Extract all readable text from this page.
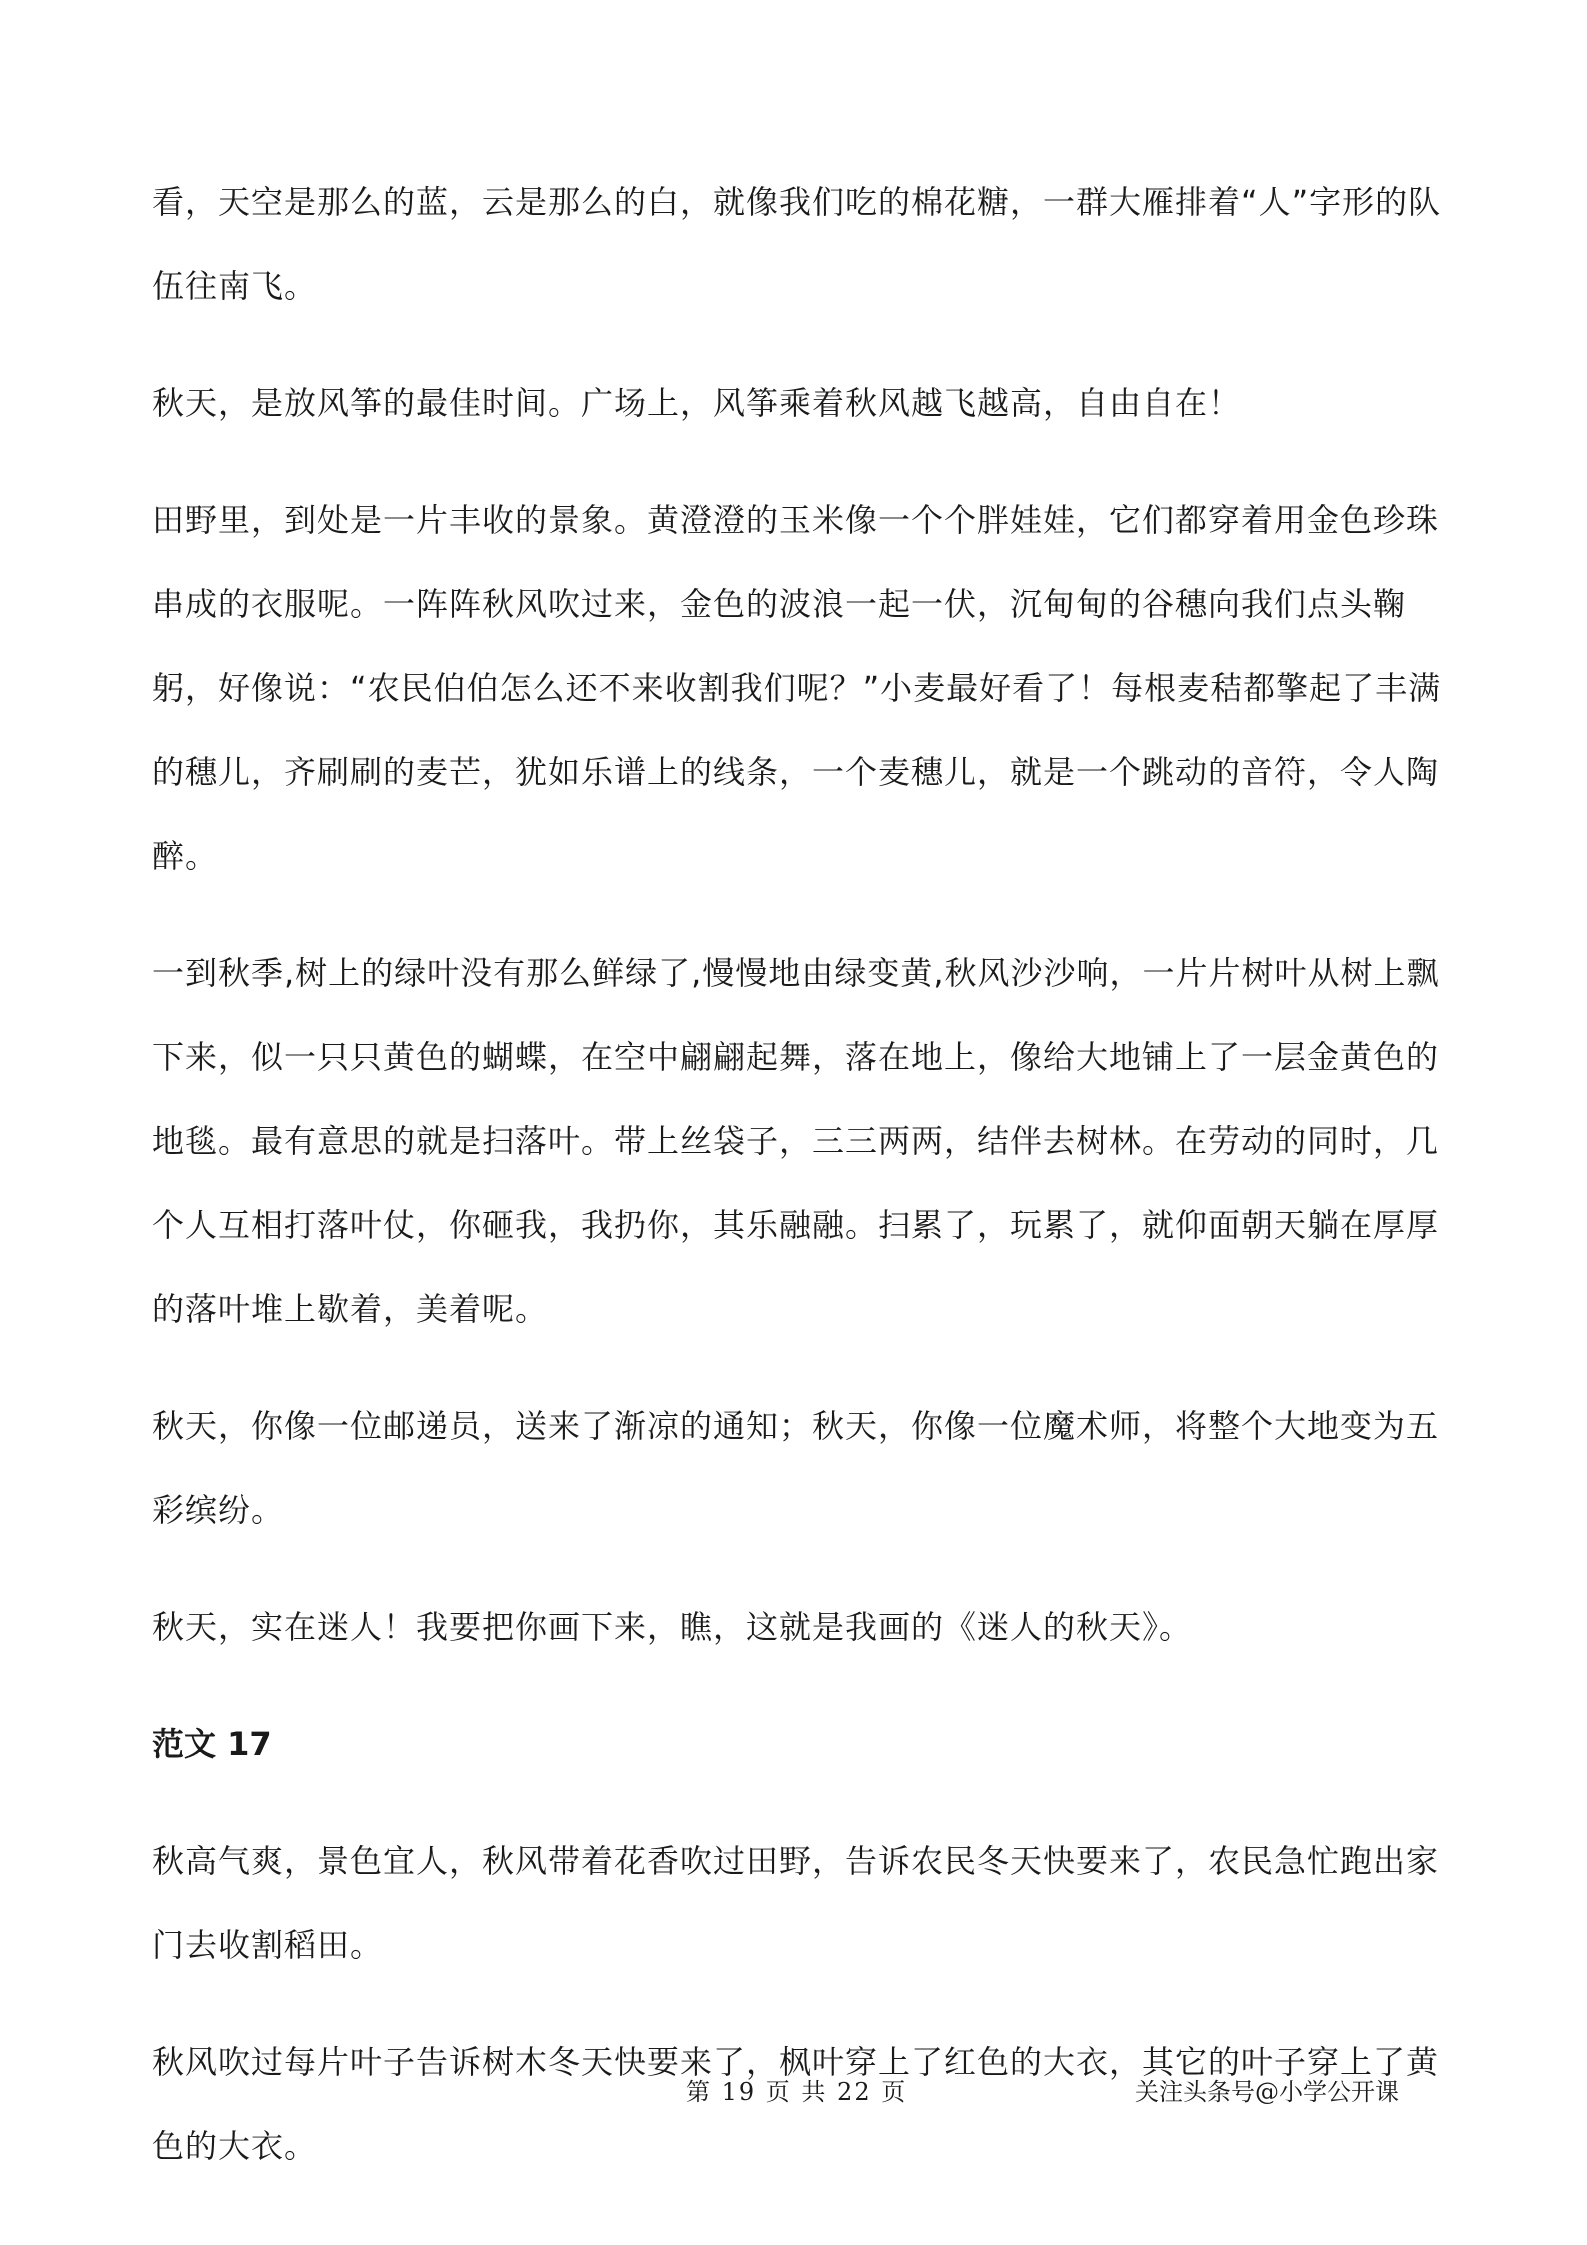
看，天空是那么的蓝，云是那么的白，就像我们吃的棉花糖，一群大雁排着“人”字形的队伍往南飞。

秋天，是放风筝的最佳时间。广场上，风筝乘着秋风越飞越高，自由自在！

田野里，到处是一片丰收的景象。黄澄澄的玉米像一个个胖娃娃，它们都穿着用金色珍珠串成的衣服呢。一阵阵秋风吹过来，金色的波浪一起一伏，沉甸甸的谷穗向我们点头鞠躬，好像说：“农民伯伯怎么还不来收割我们呢？”小麦最好看了！每根麦秸都擎起了丰满的穗儿，齐刷刷的麦芒，犹如乐谱上的线条，一个麦穗儿，就是一个跳动的音符，令人陶醉。

一到秋季,树上的绿叶没有那么鲜绿了,慢慢地由绿变黄,秋风沙沙响，一片片树叶从树上飘下来，似一只只黄色的蝴蝶，在空中翩翩起舞，落在地上，像给大地铺上了一层金黄色的地毯。最有意思的就是扫落叶。带上丝袋子，三三两两，结伴去树林。在劳动的同时，几个人互相打落叶仗，你砸我，我扔你，其乐融融。扫累了，玩累了，就仰面朝天躺在厚厚的落叶堆上歇着，美着呢。

秋天，你像一位邮递员，送来了渐凉的通知；秋天，你像一位魔术师，将整个大地变为五彩缤纷。

秋天，实在迷人！我要把你画下来，瞧，这就是我画的《迷人的秋天》。

范文 17

秋高气爽，景色宜人，秋风带着花香吹过田野，告诉农民冬天快要来了，农民急忙跑出家门去收割稻田。

秋风吹过每片叶子告诉树木冬天快要来了，枫叶穿上了红色的大衣，其它的叶子穿上了黄色的大衣。

第 19 页 共 22 页	关注头条号@小学公开课
